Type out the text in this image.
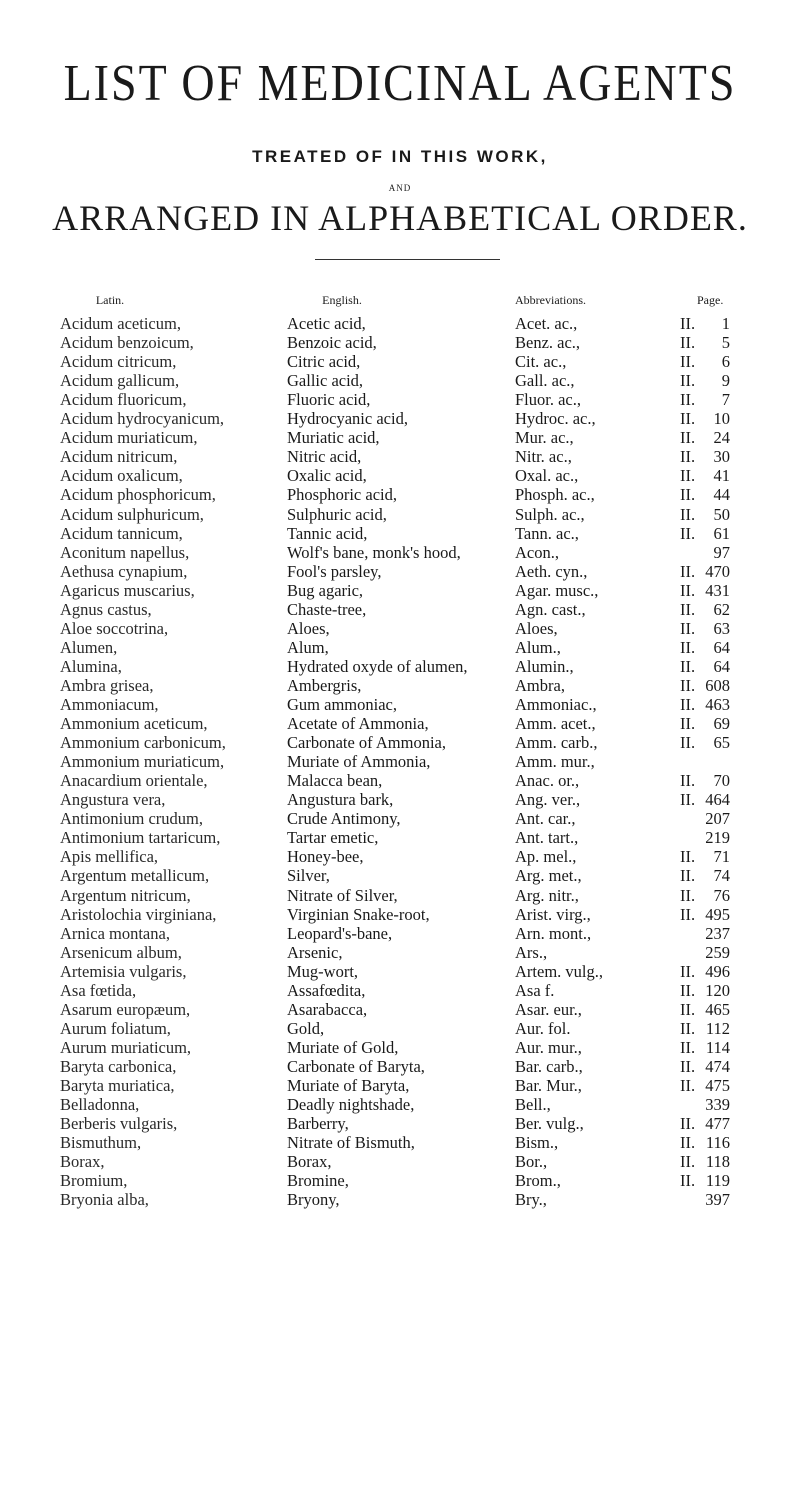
LIST OF MEDICINAL AGENTS
TREATED OF IN THIS WORK,
AND
ARRANGED IN ALPHABETICAL ORDER.
Latin.	English.	Abbreviations.	Page.
Acidum aceticum,	Acetic acid,	Acet. ac.,	II.	1
Acidum benzoicum,	Benzoic acid,	Benz. ac.,	II.	5
Acidum citricum,	Citric acid,	Cit. ac.,	II.	6
Acidum gallicum,	Gallic acid,	Gall. ac.,	II.	9
Acidum fluoricum,	Fluoric acid,	Fluor. ac.,	II.	7
Acidum hydrocyanicum,	Hydrocyanic acid,	Hydroc. ac.,	II.	10
Acidum muriaticum,	Muriatic acid,	Mur. ac.,	II.	24
Acidum nitricum,	Nitric acid,	Nitr. ac.,	II.	30
Acidum oxalicum,	Oxalic acid,	Oxal. ac.,	II.	41
Acidum phosphoricum,	Phosphoric acid,	Phosph. ac.,	II.	44
Acidum sulphuricum,	Sulphuric acid,	Sulph. ac.,	II.	50
Acidum tannicum,	Tannic acid,	Tann. ac.,	II.	61
Aconitum napellus,	Wolf's bane, monk's hood,	Acon.,	97
Aethusa cynapium,	Fool's parsley,	Aeth. cyn.,	II. 470
Agaricus muscarius,	Bug agaric,	Agar. musc.,	II. 431
Agnus castus,	Chaste-tree,	Agn. cast.,	II.	62
Aloe soccotrina,	Aloes,	Aloes,	II.	63
Alumen,	Alum,	Alum.,	II.	64
Alumina,	Hydrated oxyde of alumen,	Alumin.,	II.	64
Ambra grisea,	Ambergris,	Ambra,	II. 608
Ammoniacum,	Gum ammoniac,	Ammoniac.,	II. 463
Ammonium aceticum,	Acetate of Ammonia,	Amm. acet.,	II.	69
Ammonium carbonicum,	Carbonate of Ammonia,	Amm. carb.,	II.	65
Ammonium muriaticum,	Muriate of Ammonia,	Amm. mur.,
Anacardium orientale,	Malacca bean,	Anac. or.,	II.	70
Angustura vera,	Angustura bark,	Ang. ver.,	II. 464
Antimonium crudum,	Crude Antimony,	Ant. car.,	207
Antimonium tartaricum,	Tartar emetic,	Ant. tart.,	219
Apis mellifica,	Honey-bee,	Ap. mel.,	II.	71
Argentum metallicum,	Silver,	Arg. met.,	II.	74
Argentum nitricum,	Nitrate of Silver,	Arg. nitr.,	II.	76
Aristolochia virginiana,	Virginian Snake-root,	Arist. virg.,	II. 495
Arnica montana,	Leopard's-bane,	Arn. mont.,	237
Arsenicum album,	Arsenic,	Ars.,	259
Artemisia vulgaris,	Mug-wort,	Artem. vulg.,	II. 496
Asa fœtida,	Assafœdita,	Asa f.	II. 120
Asarum europæum,	Asarabacca,	Asar. eur.,	II. 465
Aurum foliatum,	Gold,	Aur. fol.	II. 112
Aurum muriaticum,	Muriate of Gold,	Aur. mur.,	II. 114
Baryta carbonica,	Carbonate of Baryta,	Bar. carb.,	II. 474
Baryta muriatica,	Muriate of Baryta,	Bar. Mur.,	II. 475
Belladonna,	Deadly nightshade,	Bell.,	339
Berberis vulgaris,	Barberry,	Ber. vulg.,	II. 477
Bismuthum,	Nitrate of Bismuth,	Bism.,	II. 116
Borax,	Borax,	Bor.,	II. 118
Bromium,	Bromine,	Brom.,	II. 119
Bryonia alba,	Bryony,	Bry.,	397
